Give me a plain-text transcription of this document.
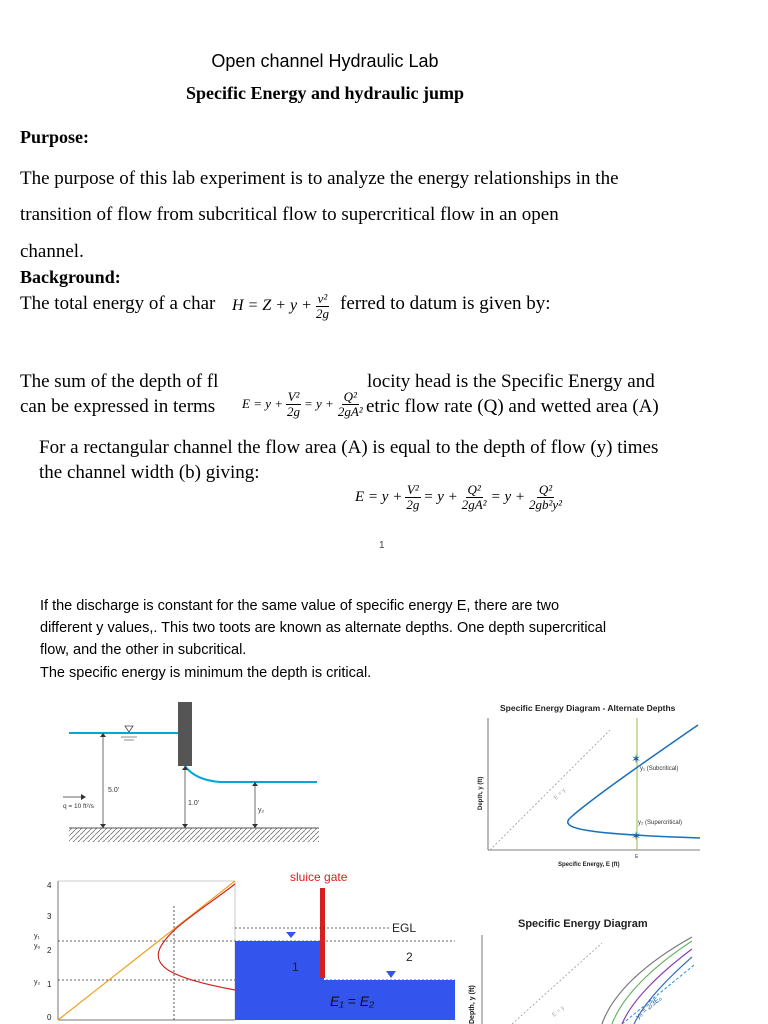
Open channel Hydraulic Lab
Specific Energy and hydraulic jump
Purpose:
The purpose of this lab experiment is to analyze the energy relationships in the
transition of flow from subcritical flow to supercritical flow in an open
channel.
Background:
The total energy of a char $H = Z + y + \frac{\text{v²}}{2g}$ ferred to datum is given by:
The sum of the depth of fl	locity head is the Specific Energy and
can be expressed in terms $E = y + \frac{\text{V²}}{2g} = y + \frac{\text{Q²}}{\text{2gA²}}$ etric flow rate (Q) and wetted area (A)
For a rectangular channel the flow area (A) is equal to the depth of flow (y) times
the channel width (b) giving:
$E = y + \frac{\text{V²}}{2g} = y + \frac{\text{Q²}}{\text{2gA²}} = y + \frac{\text{Q²}}{\text{2gb²y²}}$
1
If the discharge is constant for the same value of specific energy E, there are two
different y values,. This two toots are known as alternate depths. One depth supercritical
flow, and the other in subcritical.
The specific energy is minimum the depth is critical.
q = 10 ft²/s
5.0'
1.0'
y₂
Specific Energy Diagram - Alternate Depths
E = y
✶
✶
y₁ (Subcritical)
y₂ (Supercritical)
E
Depth, y (ft)
Specific Energy, E (ft)
4
3
2
1
0
y₁
yₒ
y₂
EGL
sluice gate
1
2
E₁ = E₂
Specific Energy Diagram
Depth, y (ft)	E = y	yₒ = 2/3Eₒ
